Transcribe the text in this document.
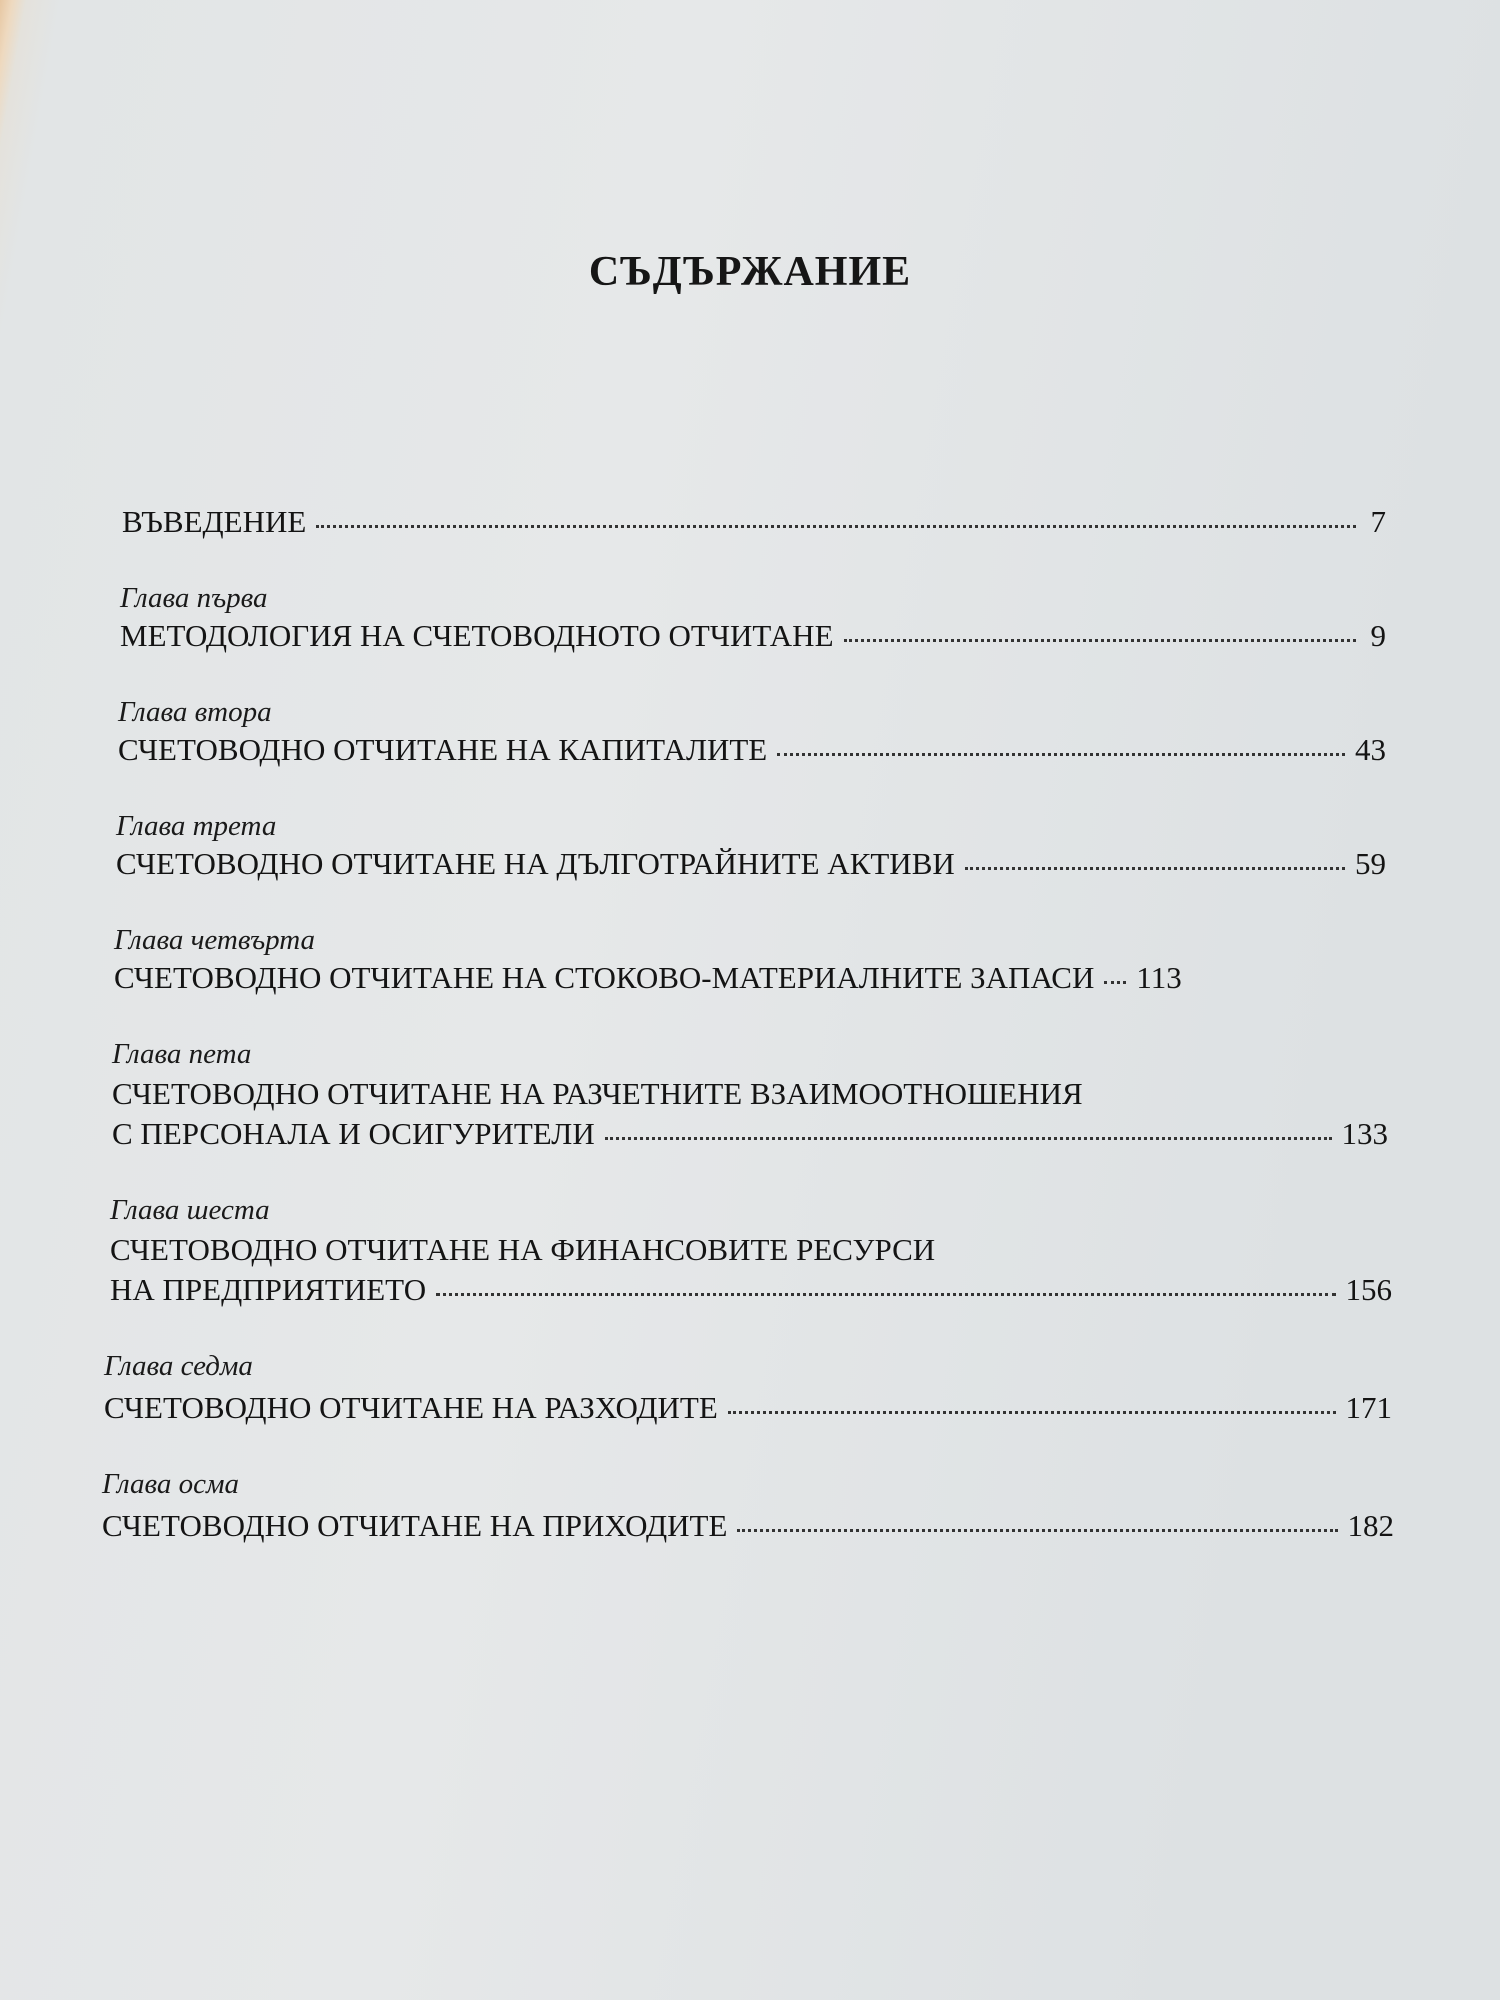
СЪДЪРЖАНИЕ
ВЪВЕДЕНИЕ	7
Глава първа
МЕТОДОЛОГИЯ НА СЧЕТОВОДНОТО ОТЧИТАНЕ	9
Глава втора
СЧЕТОВОДНО ОТЧИТАНЕ НА КАПИТАЛИТЕ	43
Глава трета
СЧЕТОВОДНО ОТЧИТАНЕ НА ДЪЛГОТРАЙНИТЕ АКТИВИ	59
Глава четвърта
СЧЕТОВОДНО ОТЧИТАНЕ НА СТОКОВО-МАТЕРИАЛНИТЕ ЗАПАСИ 113
Глава пета
СЧЕТОВОДНО ОТЧИТАНЕ НА РАЗЧЕТНИТЕ ВЗАИМООТНОШЕНИЯ
С ПЕРСОНАЛА И ОСИГУРИТЕЛИ	133
Глава шеста
СЧЕТОВОДНО ОТЧИТАНЕ НА ФИНАНСОВИТЕ РЕСУРСИ
НА ПРЕДПРИЯТИЕТО	156
Глава седма
СЧЕТОВОДНО ОТЧИТАНЕ НА РАЗХОДИТЕ	171
Глава осма
СЧЕТОВОДНО ОТЧИТАНЕ НА ПРИХОДИТЕ	182
